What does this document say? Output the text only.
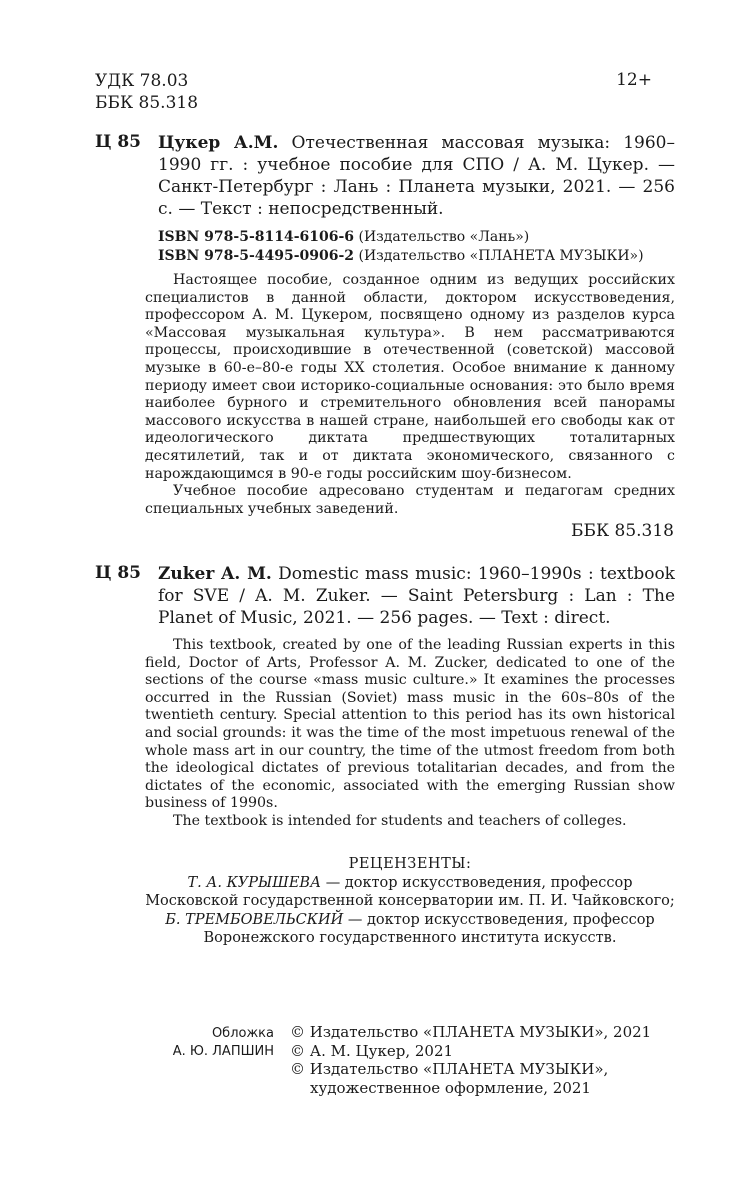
УДК 78.03
ББК 85.318
12+
Ц 85 Цукер А.М. Отечественная массовая музыка: 1960–1990 гг. : учебное пособие для СПО / А. М. Цукер. — Санкт-Петербург : Лань : Планета музыки, 2021. — 256 с. — Текст : непосредственный.
ISBN 978-5-8114-6106-6 (Издательство «Лань»)
ISBN 978-5-4495-0906-2 (Издательство «ПЛАНЕТА МУЗЫКИ»)

Настоящее пособие, созданное одним из ведущих российских специалистов в данной области, доктором искусствоведения, профессором А. М. Цукером, посвящено одному из разделов курса «Массовая музыкальная культура». В нем рассматриваются процессы, происходившие в отечественной (советской) массовой музыке в 60-е–80-е годы XX столетия. Особое внимание к данному периоду имеет свои историко-социальные основания: это было время наиболее бурного и стремительного обновления всей панорамы массового искусства в нашей стране, наибольшей его свободы как от идеологического диктата предшествующих тоталитарных десятилетий, так и от диктата экономического, связанного с нарождающимся в 90-е годы российским шоу-бизнесом.

Учебное пособие адресовано студентам и педагогам средних специальных учебных заведений.

ББК 85.318
Ц 85 Zuker A. M. Domestic mass music: 1960–1990s : textbook for SVE / A. M. Zuker. — Saint Petersburg : Lan : The Planet of Music, 2021. — 256 pages. — Text : direct.

This textbook, created by one of the leading Russian experts in this field, Doctor of Arts, Professor A. M. Zucker, dedicated to one of the sections of the course «mass music culture.» It examines the processes occurred in the Russian (Soviet) mass music in the 60s–80s of the twentieth century. Special attention to this period has its own historical and social grounds: it was the time of the most impetuous renewal of the whole mass art in our country, the time of the utmost freedom from both the ideological dictates of previous totalitarian decades, and from the dictates of the economic, associated with the emerging Russian show business of 1990s.

The textbook is intended for students and teachers of colleges.

РЕЦЕНЗЕНТЫ:
Т. А. КУРЫШЕВА — доктор искусствоведения, профессор
Московской государственной консерватории им. П. И. Чайковского;
Б. ТРЕМБОВЕЛЬСКИЙ — доктор искусствоведения, профессор
Воронежского государственного института искусств.
Обложка
А. Ю. ЛАПШИН
© Издательство «ПЛАНЕТА МУЗЫКИ», 2021
© А. М. Цукер, 2021
© Издательство «ПЛАНЕТА МУЗЫКИ»,
художественное оформление, 2021
